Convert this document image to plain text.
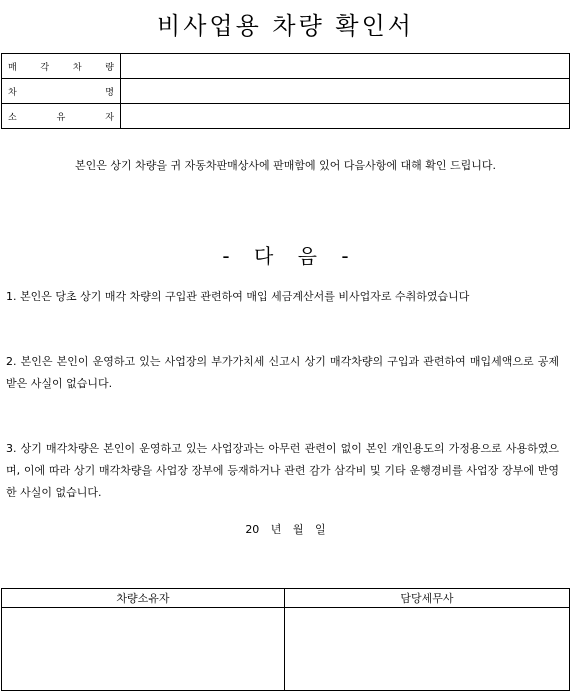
비사업용 차량 확인서
매 각 차 량	

차 명	

소 유 자	

본인은 상기 차량을 귀 자동차판매상사에 판매함에 있어 다음사항에 대해 확인 드립니다.
- 다 음 -
1. 본인은 당초 상기 매각 차량의 구입관 관련하여 매입 세금계산서를 비사업자로 수취하였습니다
2. 본인은 본인이 운영하고 있는 사업장의 부가가치세 신고시 상기 매각차량의 구입과 관련하여 매입세액으로 공제받은 사실이 없습니다.
3. 상기 매각차량은 본인이 운영하고 있는 사업장과는 아무런 관련이 없이 본인 개인용도의 가정용으로 사용하였으며, 이에 따라 상기 매각차량을 사업장 장부에 등재하거나 관련 감가 삼각비 및 기타 운행경비를 사업장 장부에 반영한 사실이 없습니다.
20 년 월 일
차량소유자	담당세무사
